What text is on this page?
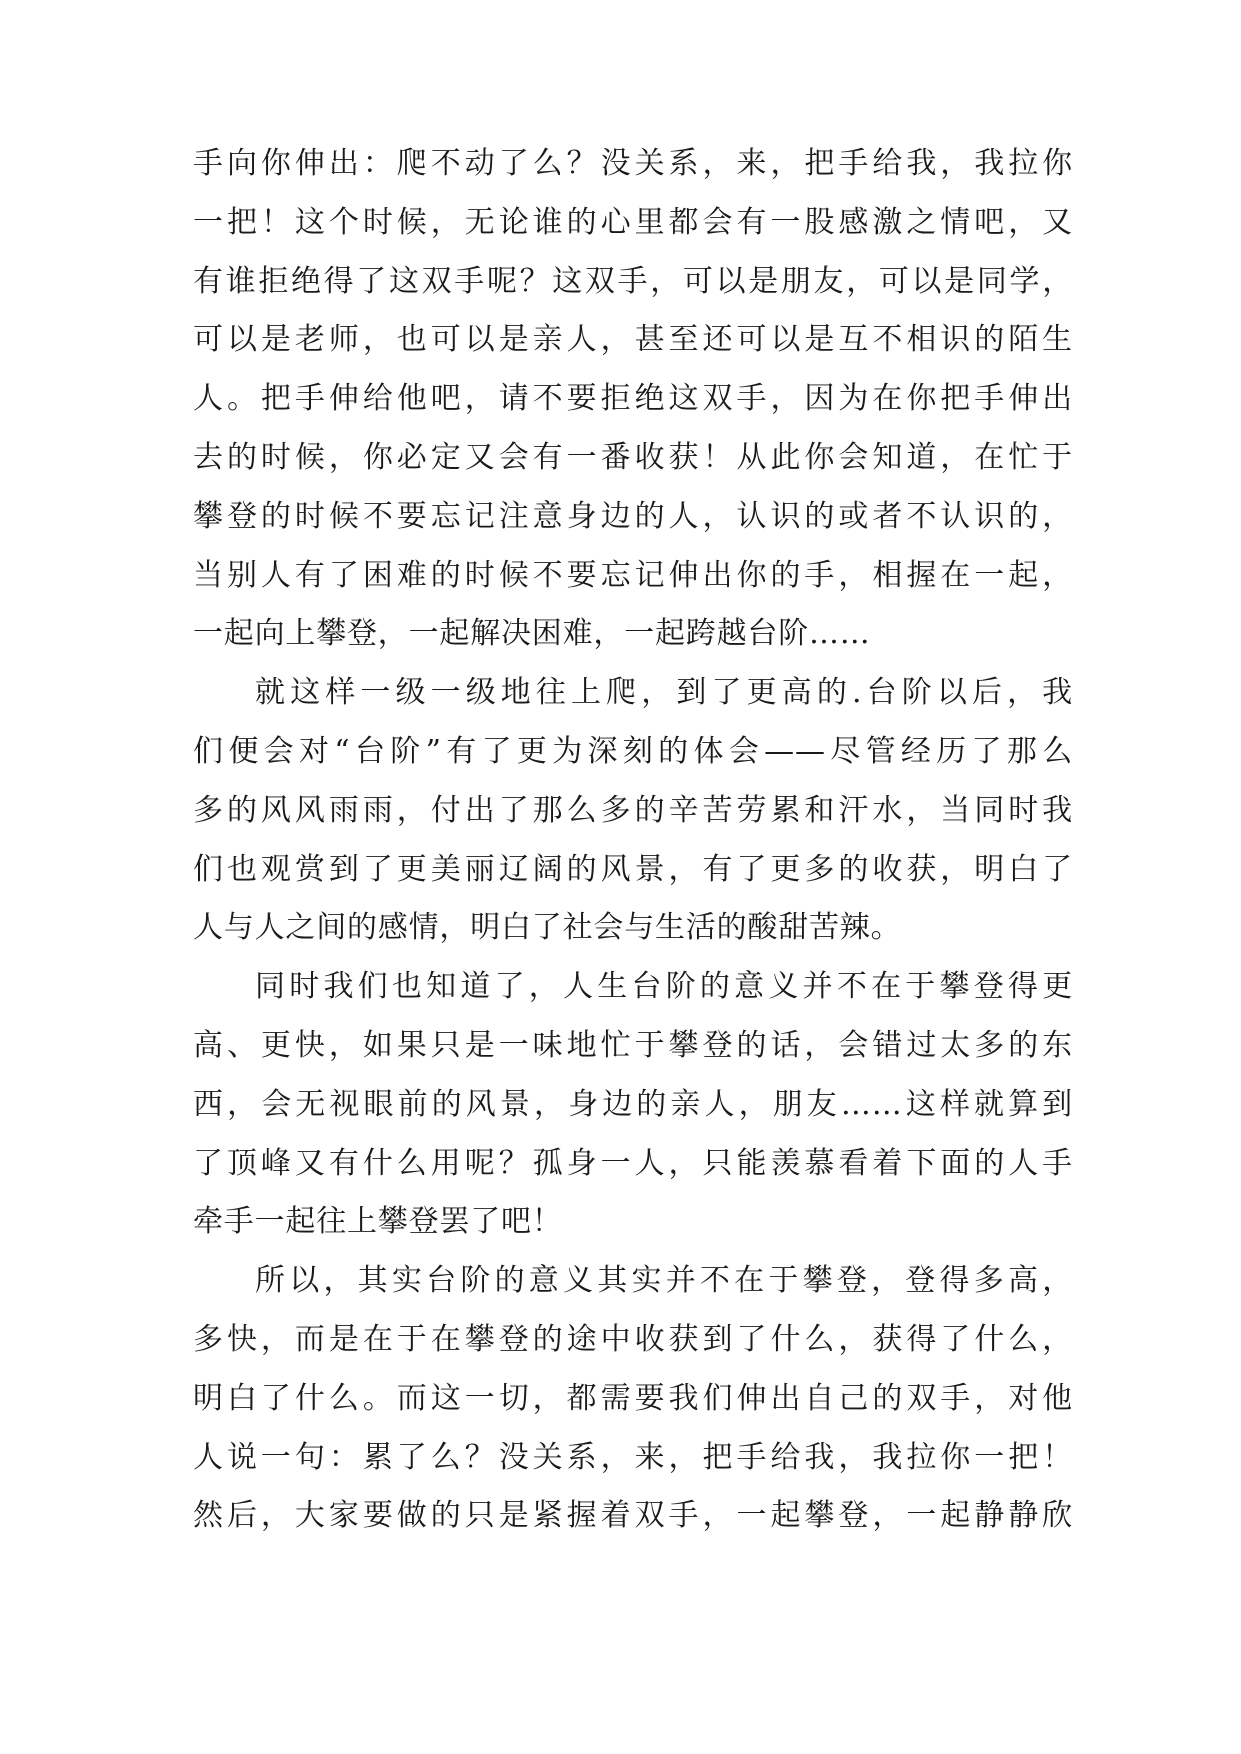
手向你伸出：爬不动了么？没关系，来，把手给我，我拉你
一把！这个时候，无论谁的心里都会有一股感激之情吧，又
有谁拒绝得了这双手呢？这双手，可以是朋友，可以是同学，
可以是老师，也可以是亲人，甚至还可以是互不相识的陌生
人。把手伸给他吧，请不要拒绝这双手，因为在你把手伸出
去的时候，你必定又会有一番收获！从此你会知道，在忙于
攀登的时候不要忘记注意身边的人，认识的或者不认识的，
当别人有了困难的时候不要忘记伸出你的手，相握在一起，
一起向上攀登，一起解决困难，一起跨越台阶……
就这样一级一级地往上爬，到了更高的.台阶以后，我
们便会对“台阶”有了更为深刻的体会——尽管经历了那么
多的风风雨雨，付出了那么多的辛苦劳累和汗水，当同时我
们也观赏到了更美丽辽阔的风景，有了更多的收获，明白了
人与人之间的感情，明白了社会与生活的酸甜苦辣。
同时我们也知道了，人生台阶的意义并不在于攀登得更
高、更快，如果只是一味地忙于攀登的话，会错过太多的东
西，会无视眼前的风景，身边的亲人，朋友……这样就算到
了顶峰又有什么用呢？孤身一人，只能羡慕看着下面的人手
牵手一起往上攀登罢了吧！
所以，其实台阶的意义其实并不在于攀登，登得多高，
多快，而是在于在攀登的途中收获到了什么，获得了什么，
明白了什么。而这一切，都需要我们伸出自己的双手，对他
人说一句：累了么？没关系，来，把手给我，我拉你一把！
然后，大家要做的只是紧握着双手，一起攀登，一起静静欣
